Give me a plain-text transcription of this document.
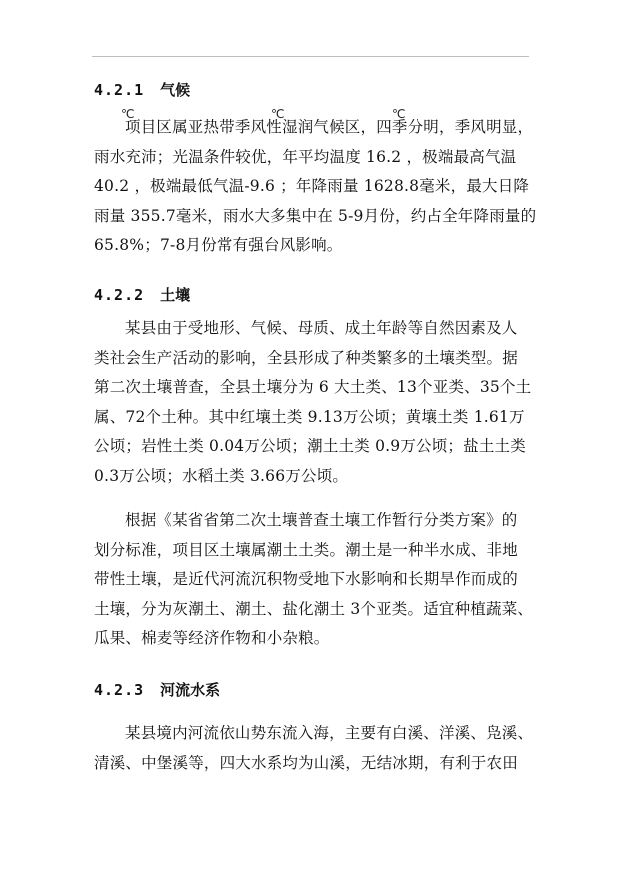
4.2.1 气候
℃	℃	℃
项目区属亚热带季风性湿润气候区，四季分明，季风明显，
雨水充沛；光温条件较优，年平均温度 16.2 ，极端最高气温
40.2 ，极端最低气温-9.6 ；年降雨量 1628.8毫米，最大日降
雨量 355.7毫米，雨水大多集中在 5-9月份，约占全年降雨量的
65.8%；7-8月份常有强台风影响。
4.2.2 土壤
某县由于受地形、气候、母质、成土年龄等自然因素及人
类社会生产活动的影响，全县形成了种类繁多的土壤类型。据
第二次土壤普查，全县土壤分为 6 大土类、13个亚类、35个土
属、72个土种。其中红壤土类 9.13万公顷；黄壤土类 1.61万
公顷；岩性土类 0.04万公顷；潮土土类 0.9万公顷；盐土土类
0.3万公顷；水稻土类 3.66万公顷。
根据《某省省第二次土壤普查土壤工作暂行分类方案》的
划分标准，项目区土壤属潮土土类。潮土是一种半水成、非地
带性土壤，是近代河流沉积物受地下水影响和长期旱作而成的
土壤，分为灰潮土、潮土、盐化潮土 3个亚类。适宜种植蔬菜、
瓜果、棉麦等经济作物和小杂粮。
4.2.3 河流水系
某县境内河流依山势东流入海，主要有白溪、洋溪、凫溪、
清溪、中堡溪等，四大水系均为山溪，无结冰期，有利于农田
